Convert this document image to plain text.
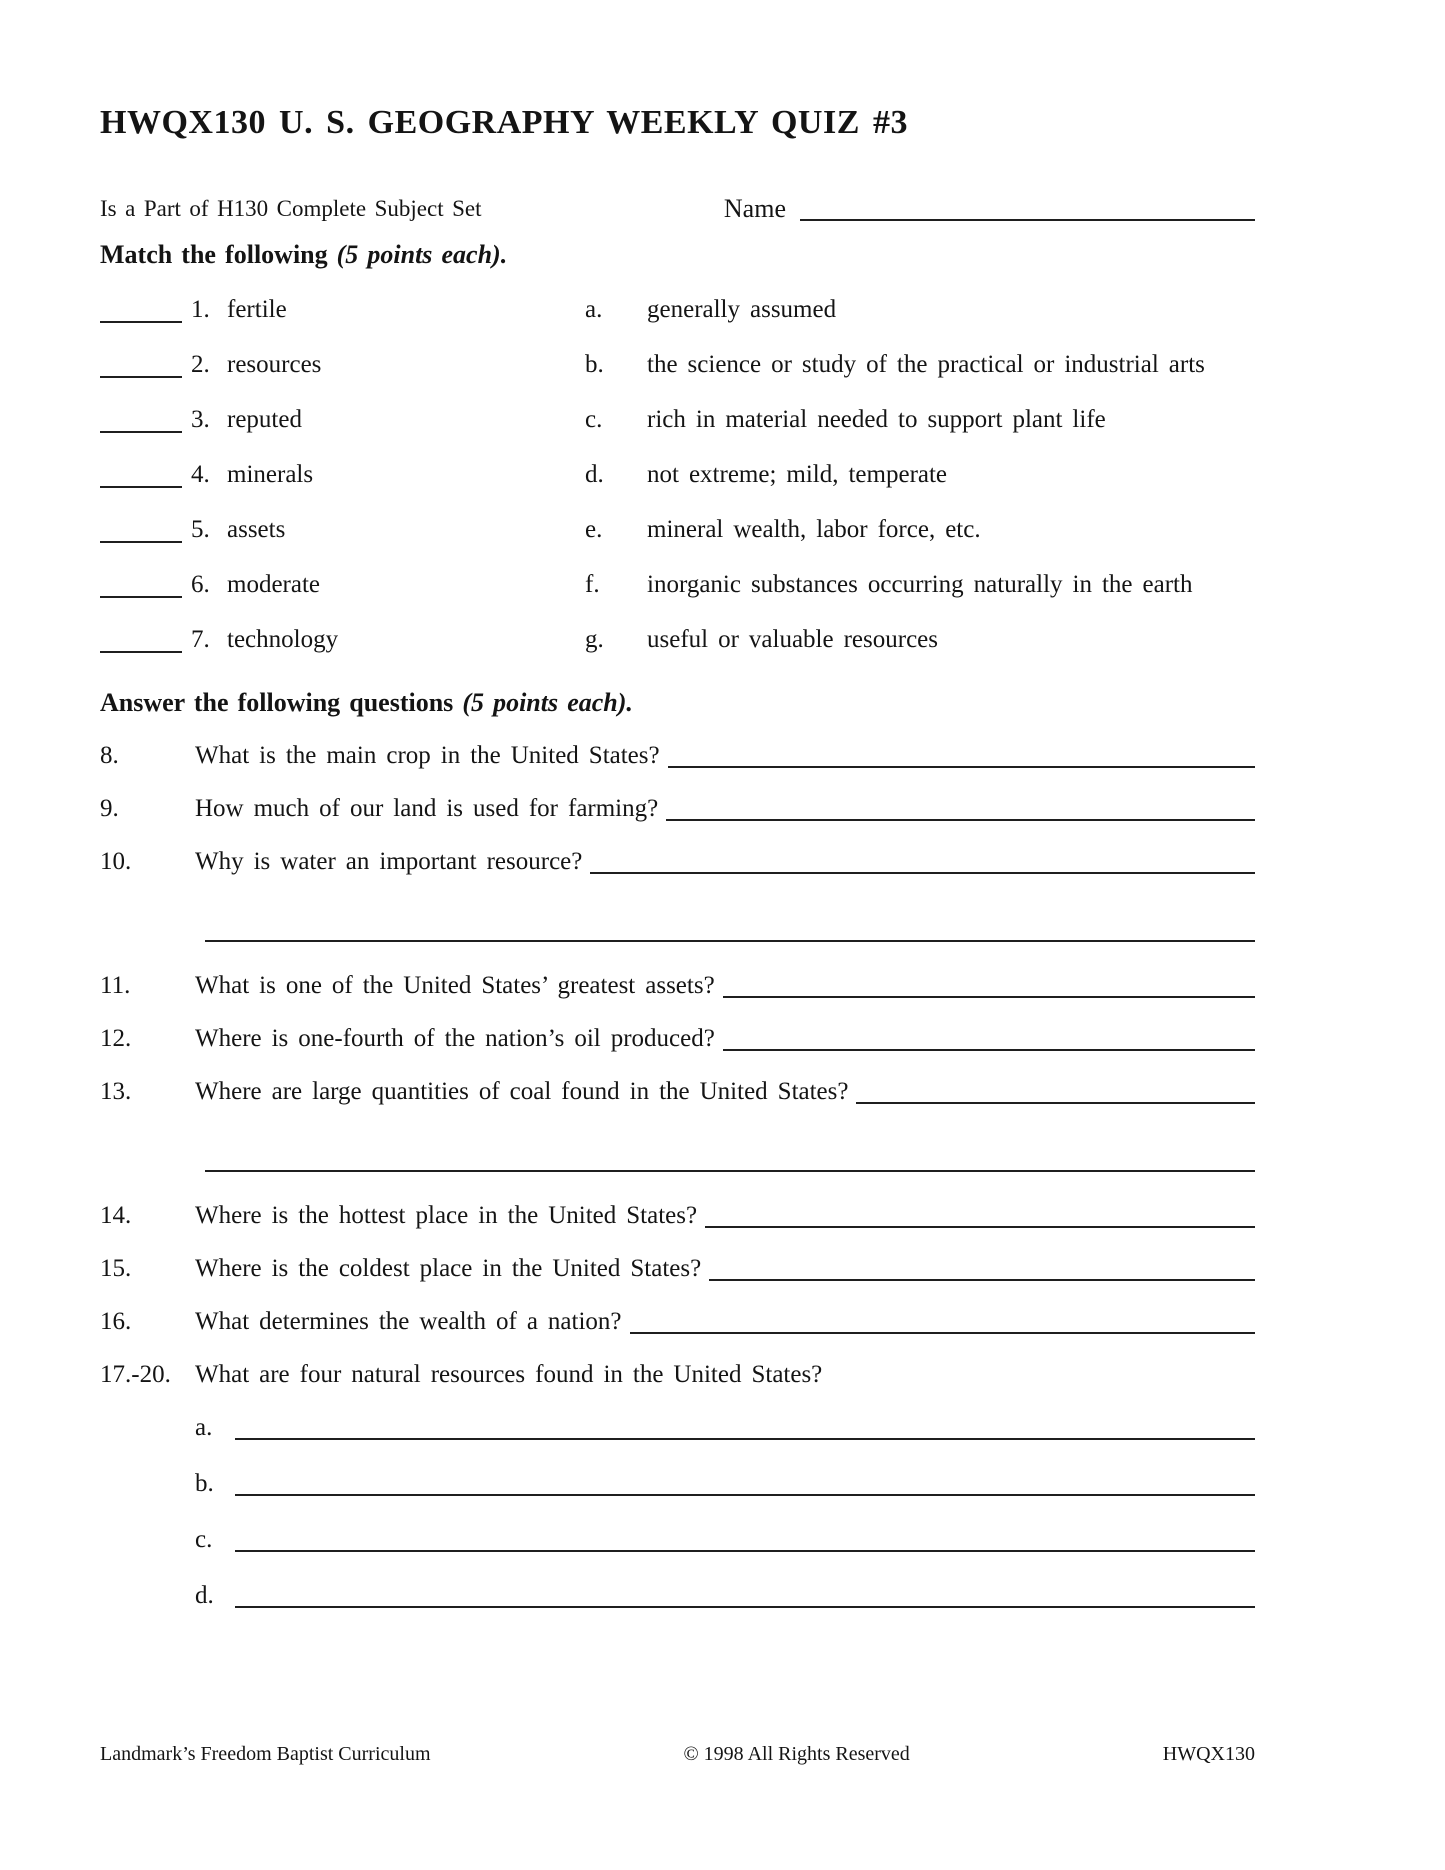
HWQX130 U. S. GEOGRAPHY WEEKLY QUIZ #3
Is a Part of H130 Complete Subject Set	Name
Match the following (5 points each).
1. fertile	a.	generally assumed
2. resources	b.	the science or study of the practical or industrial arts
3. reputed	c.	rich in material needed to support plant life
4. minerals	d.	not extreme; mild, temperate
5. assets	e.	mineral wealth, labor force, etc.
6. moderate	f.	inorganic substances occurring naturally in the earth
7. technology	g.	useful or valuable resources
Answer the following questions (5 points each).
8.	What is the main crop in the United States?
9.	How much of our land is used for farming?
10.	Why is water an important resource?
11.	What is one of the United States’ greatest assets?
12.	Where is one-fourth of the nation’s oil produced?
13.	Where are large quantities of coal found in the United States?
14.	Where is the hottest place in the United States?
15.	Where is the coldest place in the United States?
16.	What determines the wealth of a nation?
17.-20. What are four natural resources found in the United States?
a.
b.
c.
d.
Landmark’s Freedom Baptist Curriculum	© 1998 All Rights Reserved	HWQX130
